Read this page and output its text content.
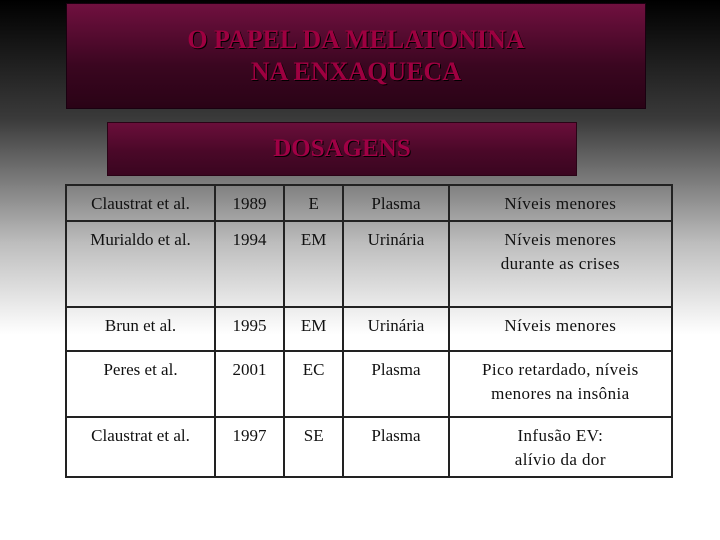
O PAPEL DA MELATONINA
NA ENXAQUECA
DOSAGENS
Claustrat et al.	1989	E	Plasma	Níveis menores

Murialdo et al.	1994	EM	Urinária	Níveis menores
durante as crises

Brun et al.	1995	EM	Urinária	Níveis menores

Peres et al.	2001	EC	Plasma	Pico retardado, níveis
menores na insônia

Claustrat et al.	1997	SE	Plasma	Infusão EV:
alívio da dor
